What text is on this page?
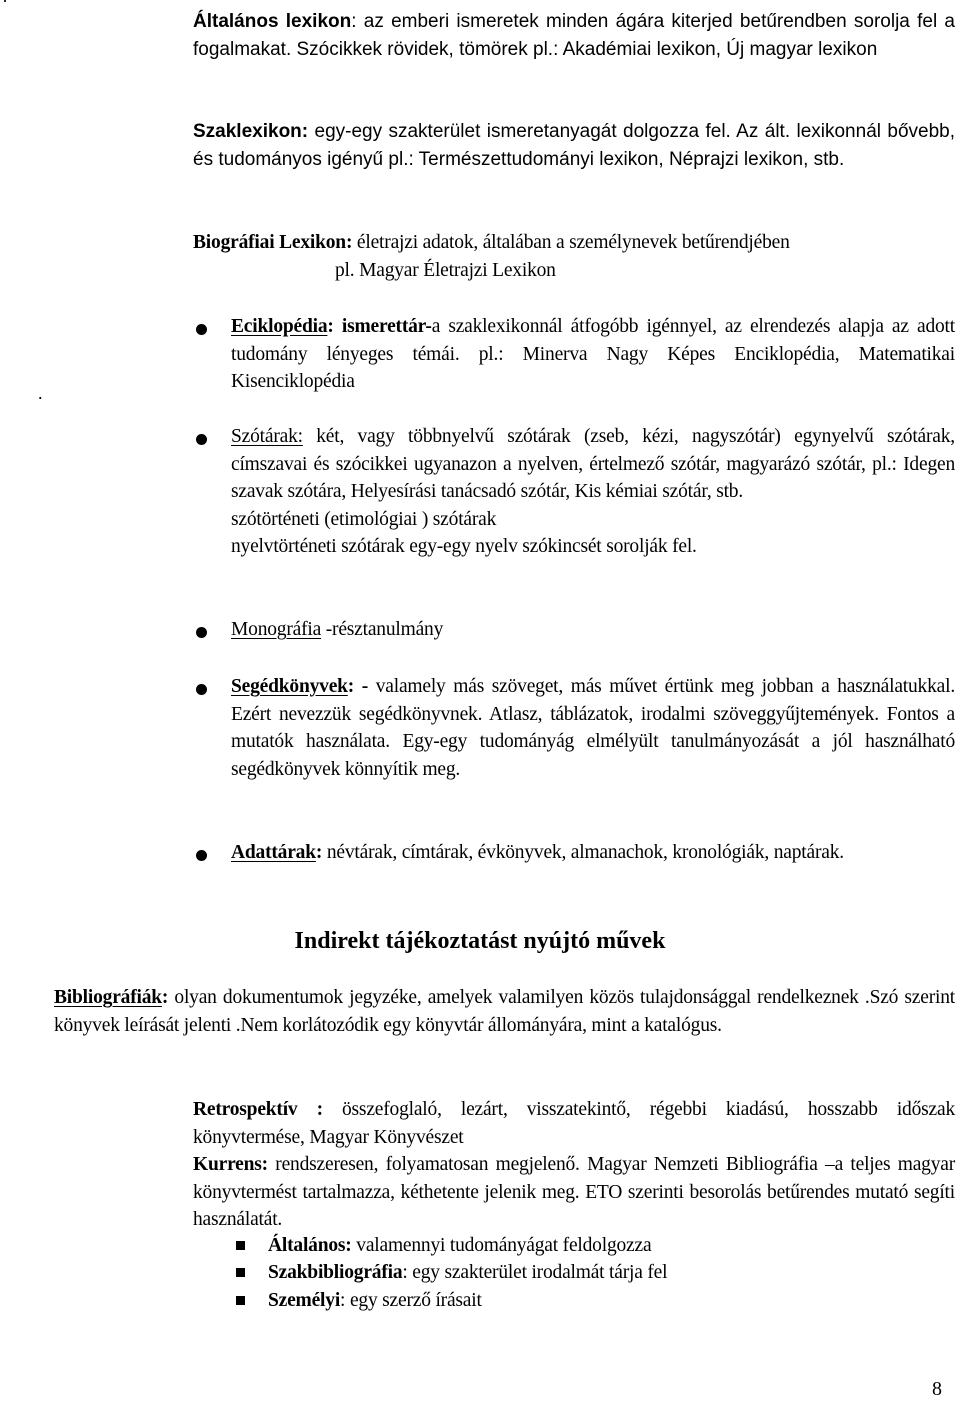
·
.

Általános lexikon: az emberi ismeretek minden ágára kiterjed betűrendben sorolja fel a fogalmakat. Szócikkek rövidek, tömörek pl.: Akadémiai lexikon, Új magyar lexikon

Szaklexikon: egy-egy szakterület ismeretanyagát dolgozza fel. Az ált. lexikonnál bővebb, és tudományos igényű pl.: Természettudományi lexikon, Néprajzi lexikon, stb.

Biográfiai Lexikon: életrajzi adatok, általában a személynevek betűrendjében
pl. Magyar Életrajzi Lexikon

Eciklopédia: ismerettár-a szaklexikonnál átfogóbb igénnyel, az elrendezés alapja az adott tudomány lényeges témái. pl.: Minerva Nagy Képes Enciklopédia, Matematikai Kisenciklopédia

Szótárak: két, vagy többnyelvű szótárak (zseb, kézi, nagyszótár) egynyelvű szótárak, címszavai és szócikkei ugyanazon a nyelven, értelmező szótár, magyarázó szótár, pl.: Idegen szavak szótára, Helyesírási tanácsadó szótár, Kis kémiai szótár, stb.

szótörténeti (etimológiai ) szótárak
nyelvtörténeti szótárak egy-egy nyelv szókincsét sorolják fel.

Monográfia -résztanulmány

Segédkönyvek: - valamely más szöveget, más művet értünk meg jobban a használatukkal. Ezért nevezzük segédkönyvnek. Atlasz, táblázatok, irodalmi szöveggyűjtemények. Fontos a mutatók használata. Egy-egy tudományág elmélyült tanulmányozását a jól használható segédkönyvek könnyítik meg.

Adattárak: névtárak, címtárak, évkönyvek, almanachok, kronológiák, naptárak.

Indirekt tájékoztatást nyújtó művek

Bibliográfiák: olyan dokumentumok jegyzéke, amelyek valamilyen közös tulajdonsággal rendelkeznek .Szó szerint könyvek leírását jelenti .Nem korlátozódik egy könyvtár állományára, mint a katalógus.

Retrospektív : összefoglaló, lezárt, visszatekintő, régebbi kiadású, hosszabb időszak könyvtermése, Magyar Könyvészet

Kurrens: rendszeresen, folyamatosan megjelenő. Magyar Nemzeti Bibliográfia –a teljes magyar könyvtermést tartalmazza, kéthetente jelenik meg. ETO szerinti besorolás betűrendes mutató segíti használatát.

Általános: valamennyi tudományágat feldolgozza

Szakbibliográfia: egy szakterület irodalmát tárja fel

Személyi: egy szerző írásait

8
